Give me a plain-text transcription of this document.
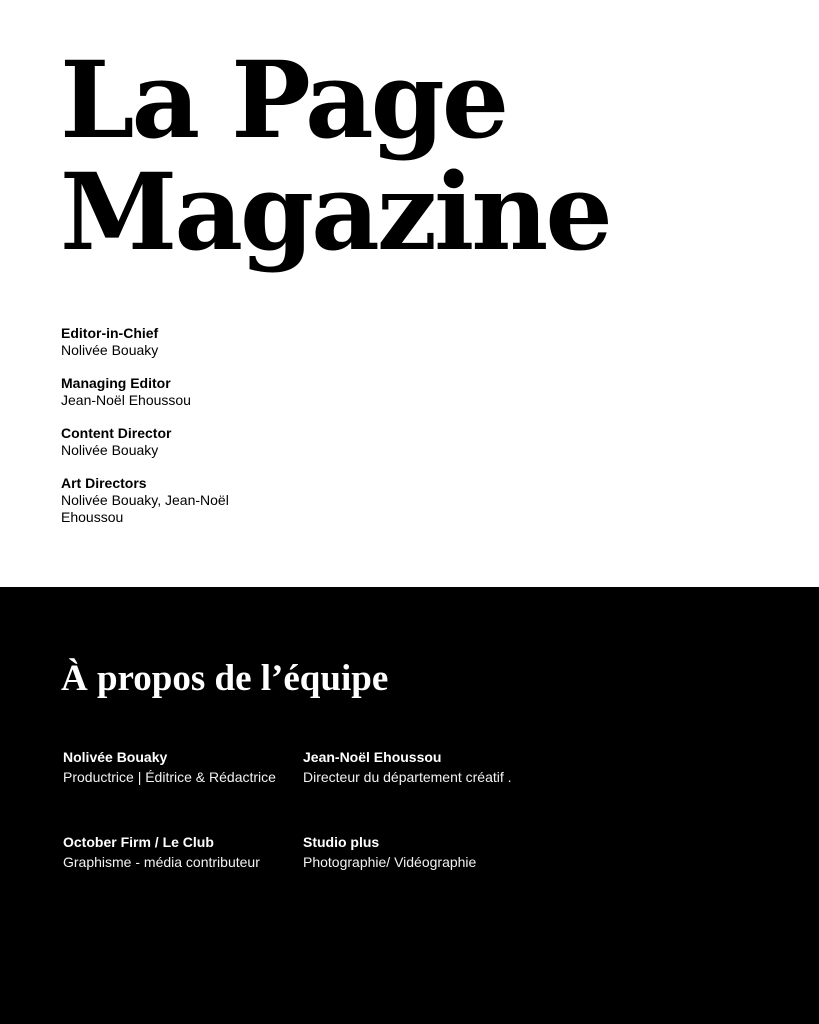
La Page
Magazine

Editor-in-Chief
Nolivée Bouaky

Managing Editor
Jean-Noël Ehoussou

Content Director
Nolivée Bouaky

Art Directors
Nolivée Bouaky, Jean-Noël Ehoussou

À propos de l’équipe
Nolivée Bouaky
Productrice | Éditrice & Rédactrice
Jean-Noël Ehoussou
Directeur du département créatif .
October Firm / Le Club
Graphisme - média contributeur
Studio plus
Photographie/ Vidéographie
